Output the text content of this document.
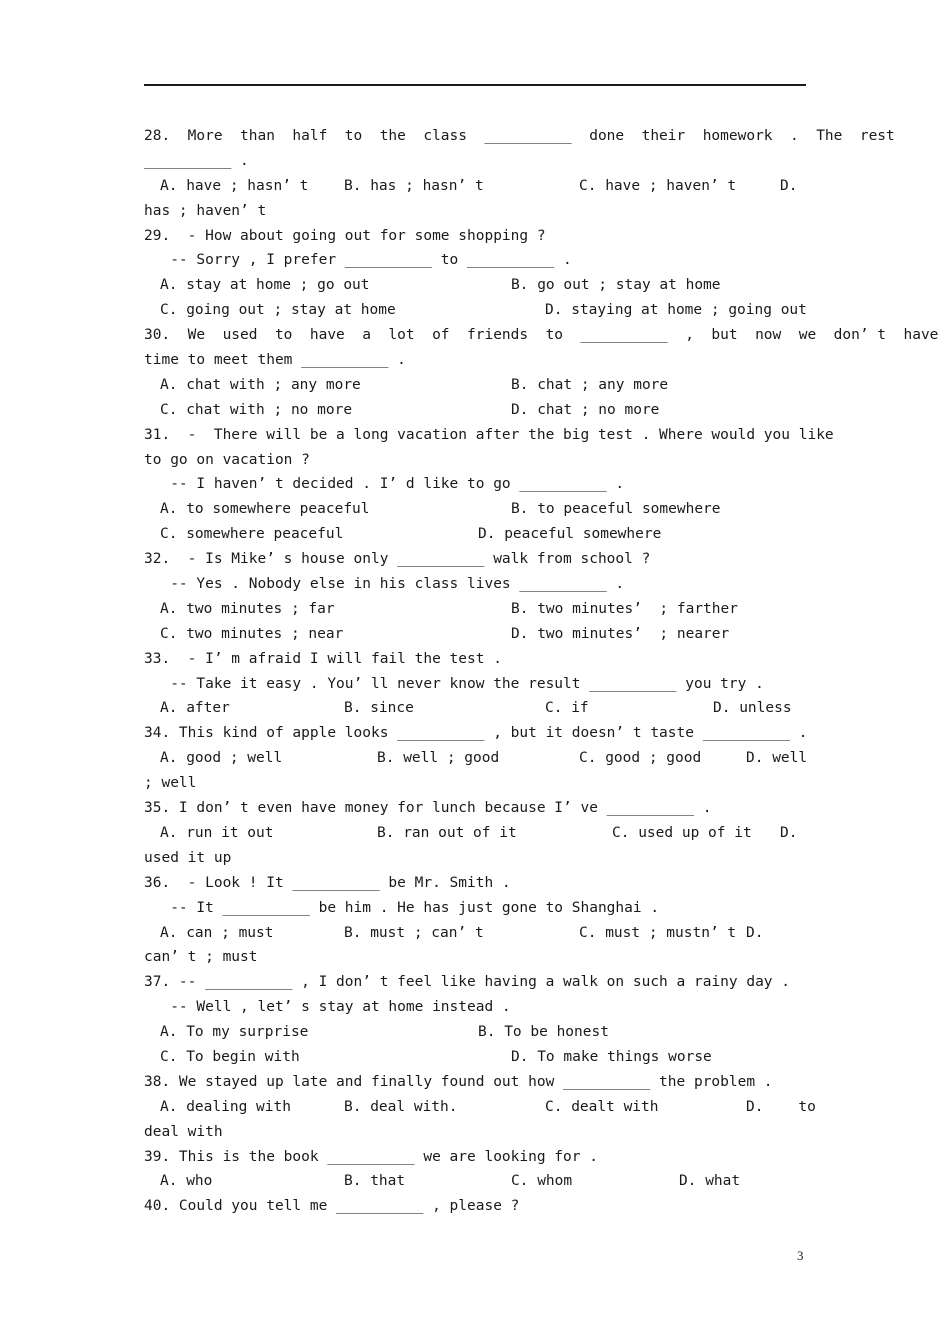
28.  More  than  half  to  the  class  __________  done  their  homework  .  The  rest
__________ .
A. have ; hasn’ t B. has ; hasn’ t	C. have ; haven’ t	D.
has ; haven’ t
29.  - How about going out for some shopping ?
-- Sorry , I prefer __________ to __________ .
A. stay at home ; go out	B. go out ; stay at home
C. going out ; stay at home	D. staying at home ; going out
30.  We  used  to  have  a  lot  of  friends  to  __________  ,  but  now  we  don’ t  have
time to meet them __________ .
A. chat with ; any more	B. chat ; any more
C. chat with ; no more	D. chat ; no more
31.  -  There will be a long vacation after the big test . Where would you like
to go on vacation ?
-- I haven’ t decided . I’ d like to go __________ .
A. to somewhere peaceful	B. to peaceful somewhere
C. somewhere peaceful	D. peaceful somewhere
32.  - Is Mike’ s house only __________ walk from school ?
-- Yes . Nobody else in his class lives __________ .
A. two minutes ; far	B. two minutes’  ; farther
C. two minutes ; near	D. two minutes’  ; nearer
33.  - I’ m afraid I will fail the test .
-- Take it easy . You’ ll never know the result __________ you try .
A. after	B. since	C. if	D. unless
34. This kind of apple looks __________ , but it doesn’ t taste __________ .
A. good ; well	B. well ; good	C. good ; good	D. well
; well
35. I don’ t even have money for lunch because I’ ve __________ .
A. run it out	B. ran out of it	C. used up of it D.
used it up
36.  - Look ! It __________ be Mr. Smith .
-- It __________ be him . He has just gone to Shanghai .
A. can ; must	B. must ; can’ t	C. must ; mustn’ t D.
can’ t ; must
37. -- __________ , I don’ t feel like having a walk on such a rainy day .
-- Well , let’ s stay at home instead .
A. To my surprise	B. To be honest
C. To begin with	D. To make things worse
38. We stayed up late and finally found out how __________ the problem .
A. dealing with	B. deal with.	C. dealt with	D.    to
deal with
39. This is the book __________ we are looking for .
A. who	B. that	C. whom	D. what
40. Could you tell me __________ , please ?
3
